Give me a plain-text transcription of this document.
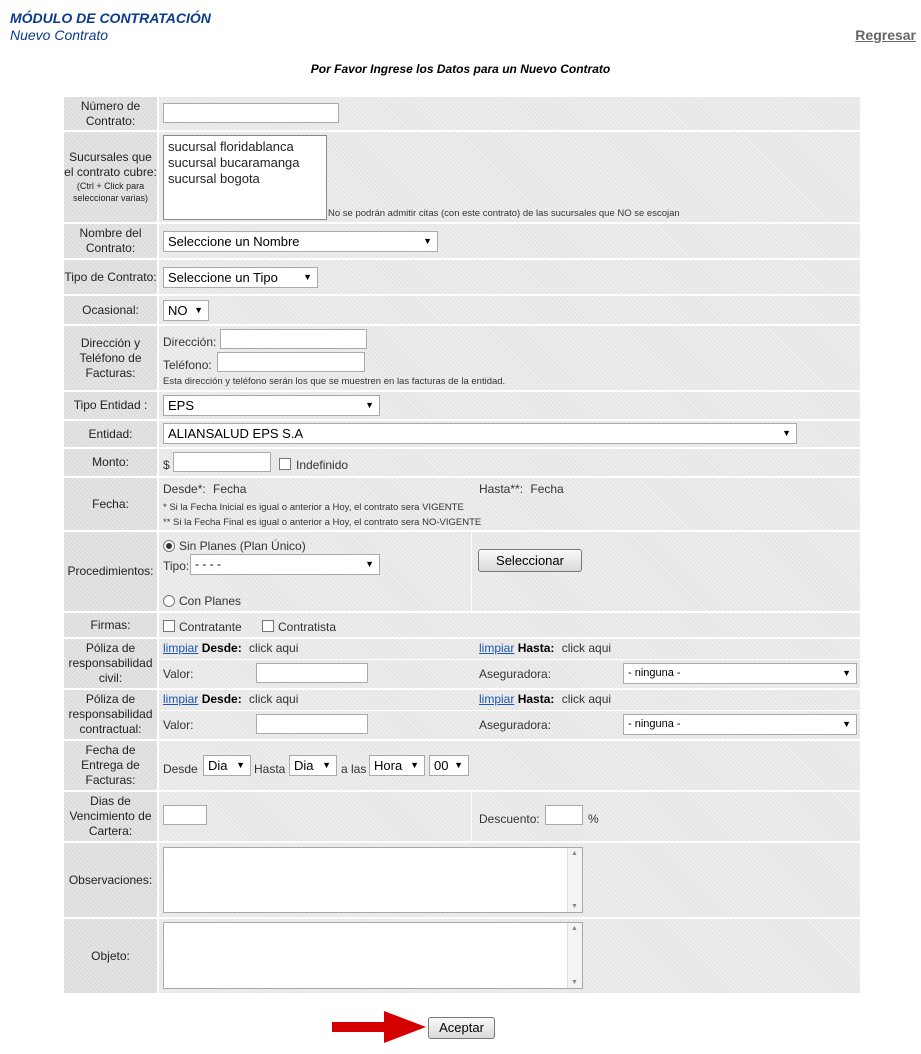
MÓDULO DE CONTRATACIÓN
Nuevo Contrato	Regresar
Por Favor Ingrese los Datos para un Nuevo Contrato
Número de Contrato:
Sucursales que el contrato cubre:
(Ctrl + Click para seleccionar varias)
sucursal floridablanca
sucursal bucaramanga
sucursal bogota
No se podrán admitir citas (con este contrato) de las sucursales que NO se escojan
Nombre del Contrato:	Seleccione un Nombre	▼
Tipo de Contrato: Seleccione un Tipo	▼
Ocasional:	NO ▼
Dirección y Teléfono de Facturas:
Dirección:
Teléfono:
Esta dirección y teléfono serán los que se muestren en las facturas de la entidad.
Tipo Entidad :	EPS	▼
Entidad:	ALIANSALUD EPS S.A	▼
Monto:	$	Indefinido
Fecha:
Desde*: Fecha	Hasta**: Fecha
* Si la Fecha Inicial es igual o anterior a Hoy, el contrato sera VIGENTE
** Si la Fecha Final es igual o anterior a Hoy, el contrato sera NO-VIGENTE
Procedimientos:
Sin Planes (Plan Único)
Tipo: - - - -	▼
Con Planes
Seleccionar
Firmas:	Contratante	Contratista
Póliza de responsabilidad civil:
limpiar Desde: click aqui	limpiar Hasta: click aqui
Valor:	Aseguradora:	- ninguna -	▼
Póliza de responsabilidad contractual:
limpiar Desde: click aqui	limpiar Hasta: click aqui
Valor:	Aseguradora:	- ninguna -	▼
Fecha de Entrega de Facturas:
Desde Dia ▼ Hasta Dia ▼ a las Hora ▼	00 ▼
Dias de Vencimiento de Cartera:
Descuento:	%
Observaciones:
▲
▼
Objeto:
▲
▼
Aceptar
